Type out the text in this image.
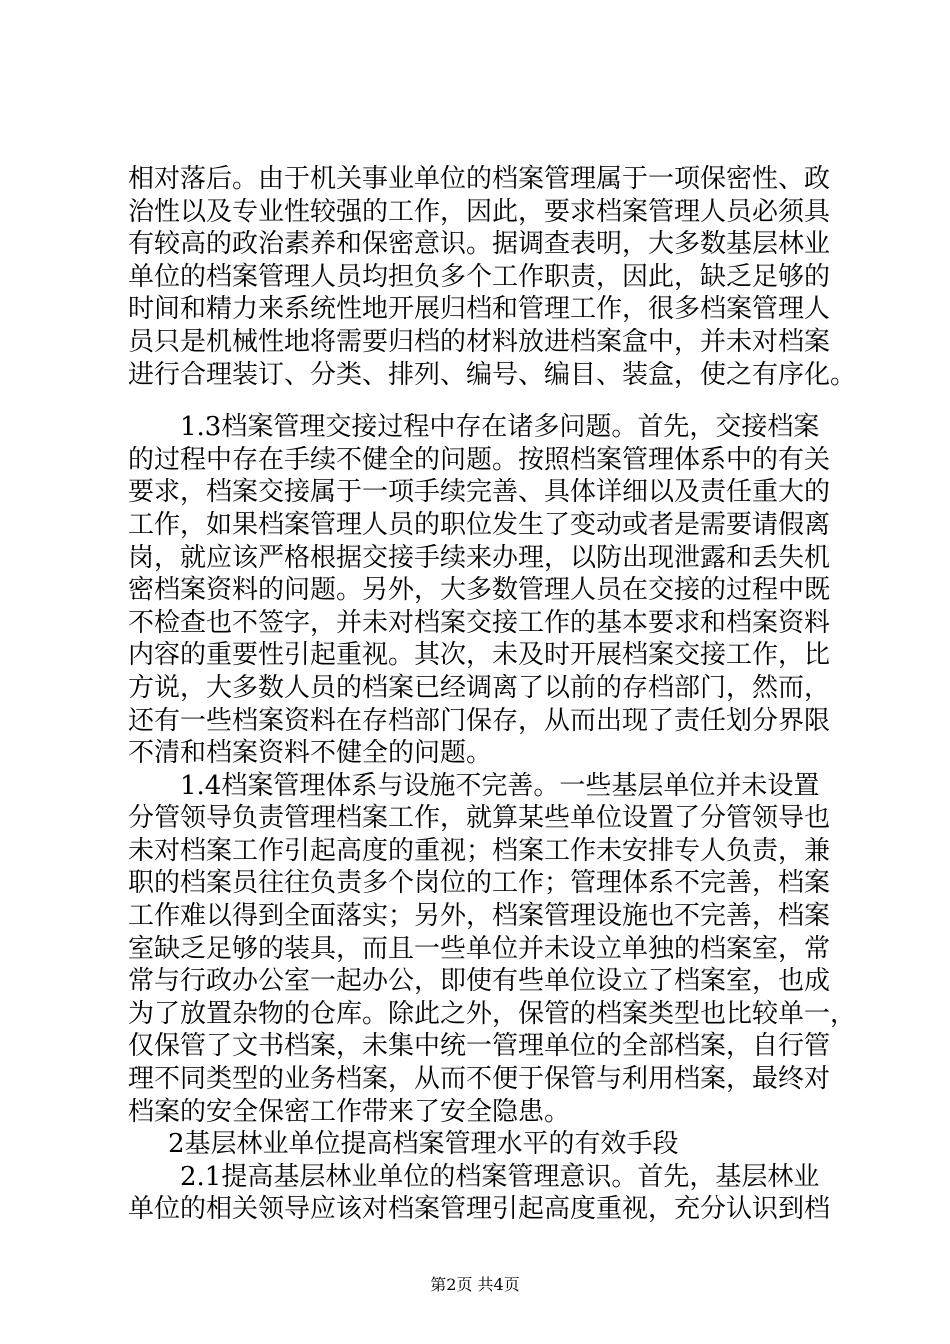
相对落后。由于机关事业单位的档案管理属于一项保密性、政
治性以及专业性较强的工作，因此，要求档案管理人员必须具
有较高的政治素养和保密意识。据调查表明，大多数基层林业
单位的档案管理人员均担负多个工作职责，因此，缺乏足够的
时间和精力来系统性地开展归档和管理工作，很多档案管理人
员只是机械性地将需要归档的材料放进档案盒中，并未对档案
进行合理装订、分类、排列、编号、编目、装盒，使之有序化。
1.3档案管理交接过程中存在诸多问题。首先，交接档案
的过程中存在手续不健全的问题。按照档案管理体系中的有关
要求，档案交接属于一项手续完善、具体详细以及责任重大的
工作，如果档案管理人员的职位发生了变动或者是需要请假离
岗，就应该严格根据交接手续来办理，以防出现泄露和丢失机
密档案资料的问题。另外，大多数管理人员在交接的过程中既
不检查也不签字，并未对档案交接工作的基本要求和档案资料
内容的重要性引起重视。其次，未及时开展档案交接工作，比
方说，大多数人员的档案已经调离了以前的存档部门，然而，
还有一些档案资料在存档部门保存，从而出现了责任划分界限
不清和档案资料不健全的问题。
1.4档案管理体系与设施不完善。一些基层单位并未设置
分管领导负责管理档案工作，就算某些单位设置了分管领导也
未对档案工作引起高度的重视；档案工作未安排专人负责，兼
职的档案员往往负责多个岗位的工作；管理体系不完善，档案
工作难以得到全面落实；另外，档案管理设施也不完善，档案
室缺乏足够的装具，而且一些单位并未设立单独的档案室，常
常与行政办公室一起办公，即使有些单位设立了档案室，也成
为了放置杂物的仓库。除此之外，保管的档案类型也比较单一，
仅保管了文书档案，未集中统一管理单位的全部档案，自行管
理不同类型的业务档案，从而不便于保管与利用档案，最终对
档案的安全保密工作带来了安全隐患。
2基层林业单位提高档案管理水平的有效手段
2.1提高基层林业单位的档案管理意识。首先，基层林业
单位的相关领导应该对档案管理引起高度重视，充分认识到档
第2页 共4页
